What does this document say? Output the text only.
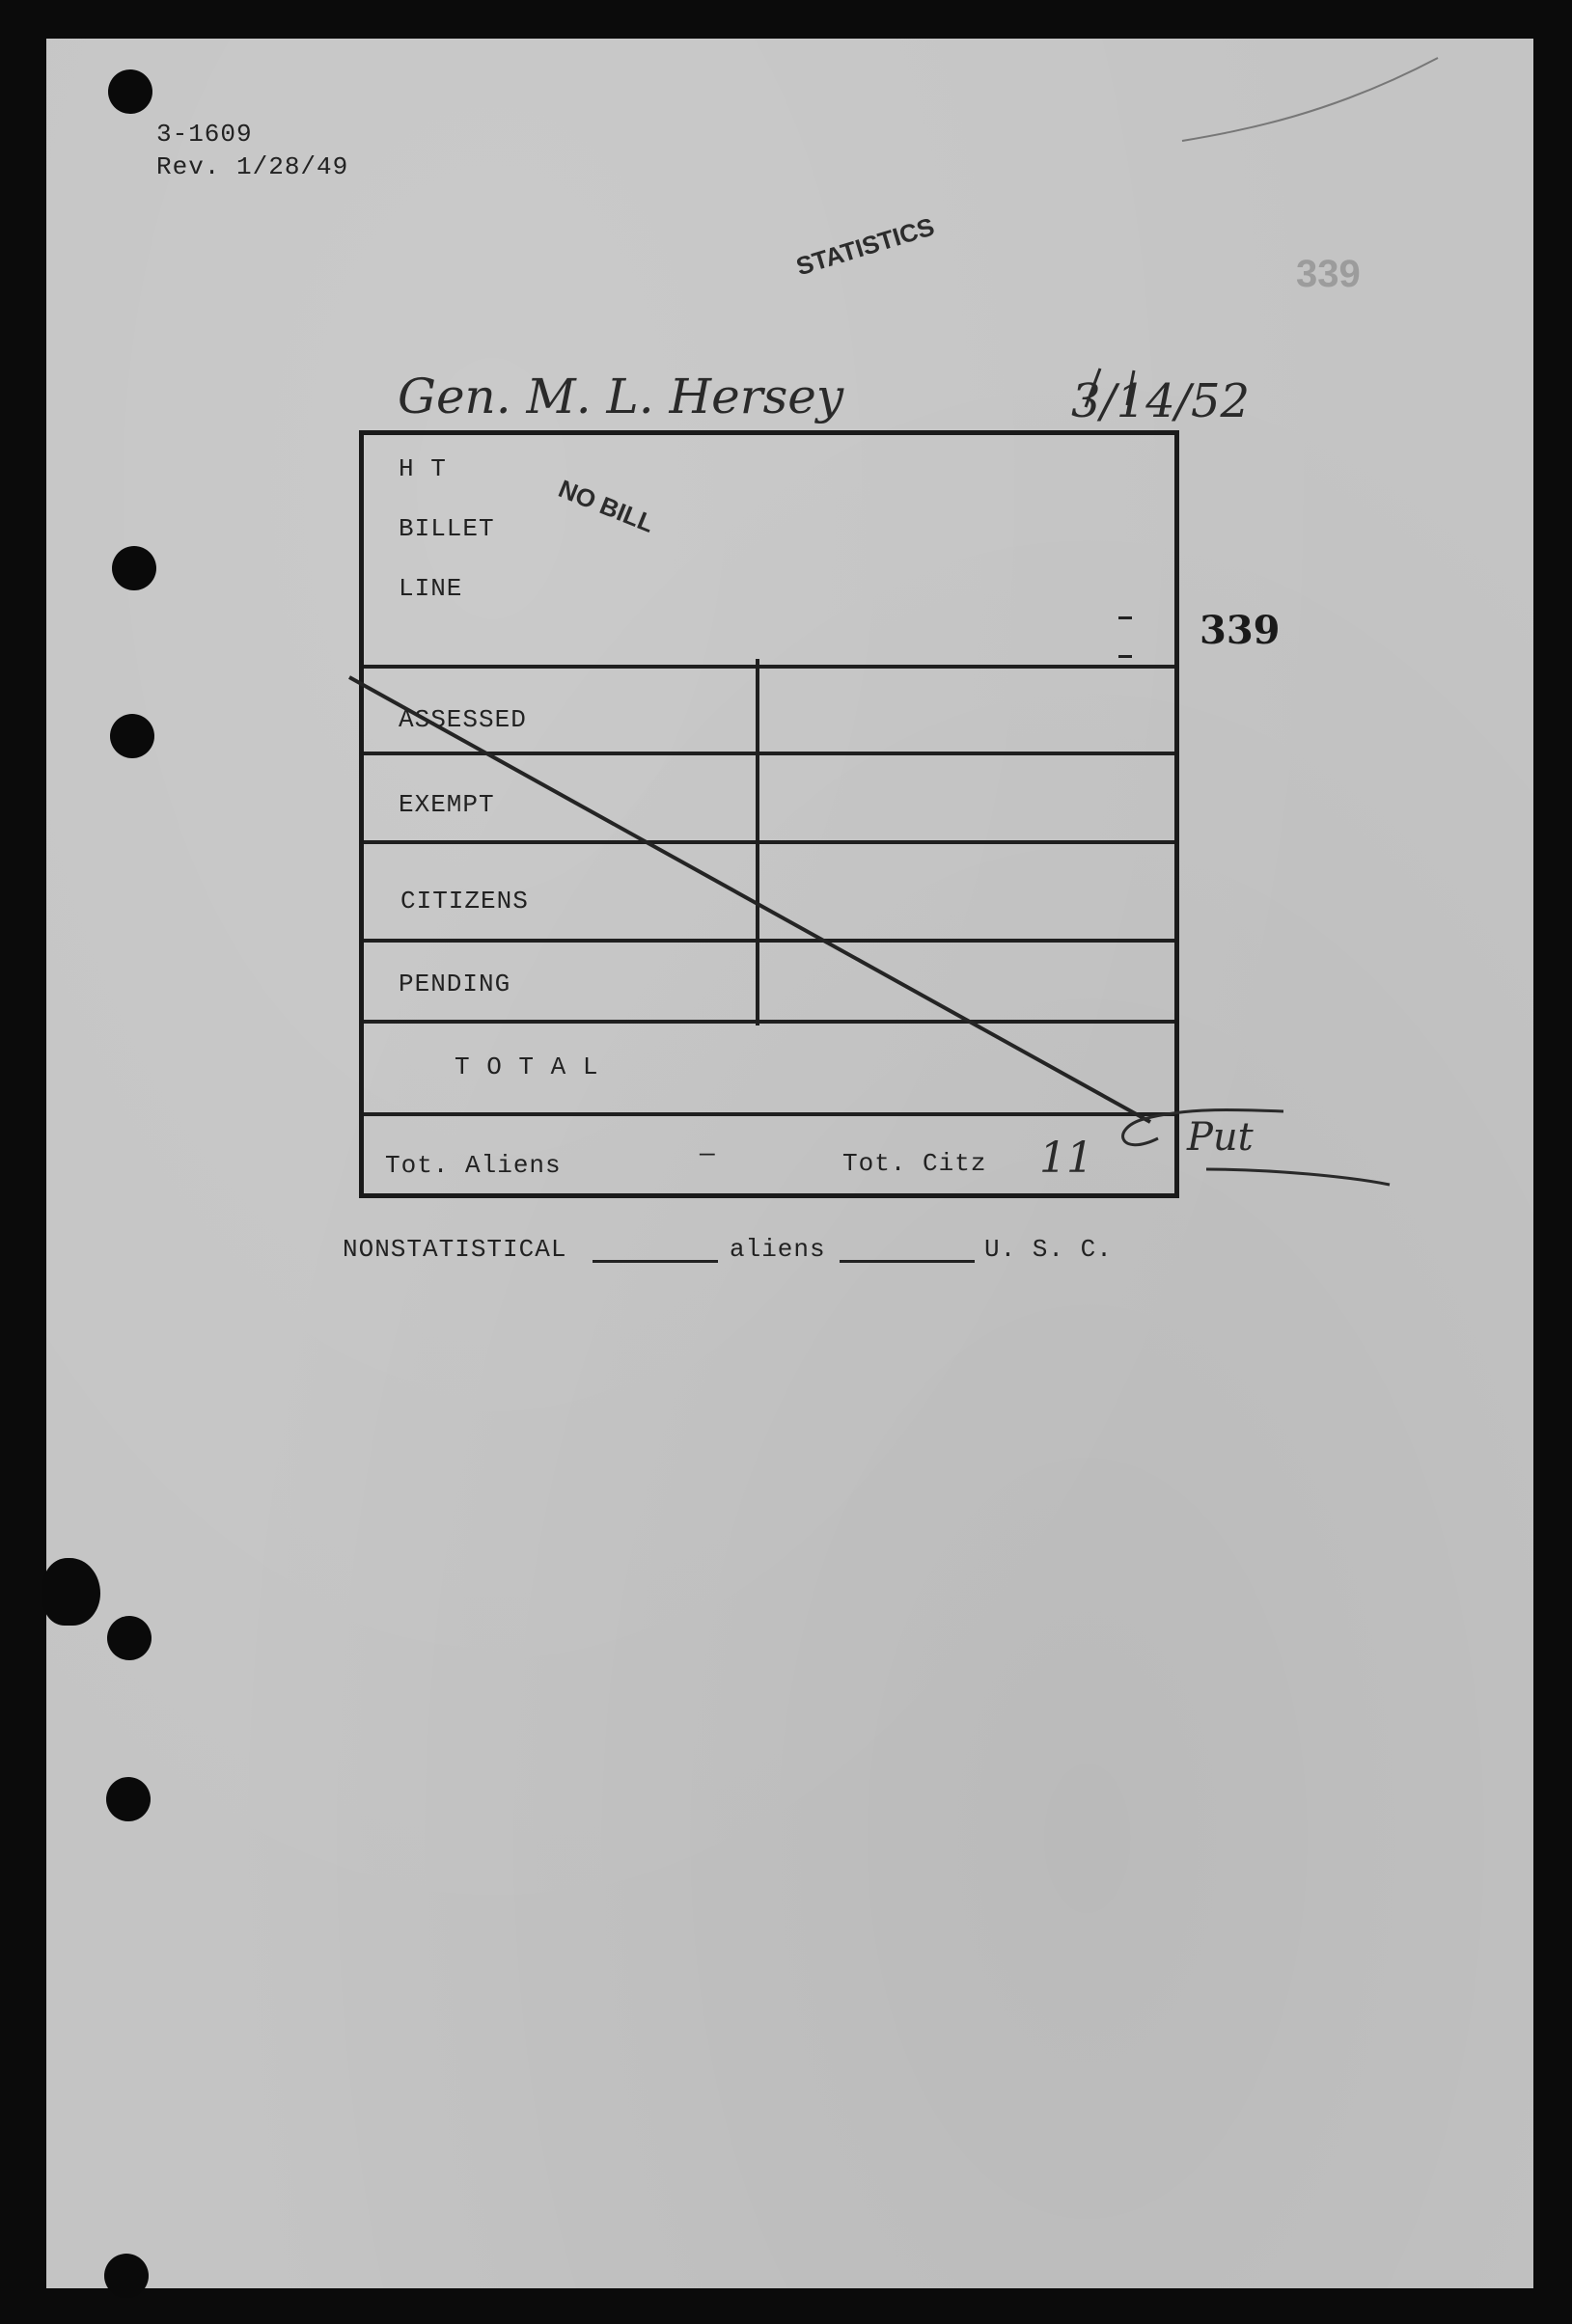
3-1609
Rev. 1/28/49
STATISTICS	339
NO BILL
339
Gen. M. L. Hersey	3/14/52
H T
BILLET
LINE
ASSESSED
EXEMPT
CITIZENS
PENDING
T O T A L
Tot. Aliens	—	Tot. Citz 11 Put
NONSTATISTICAL	aliens	U. S. C.
